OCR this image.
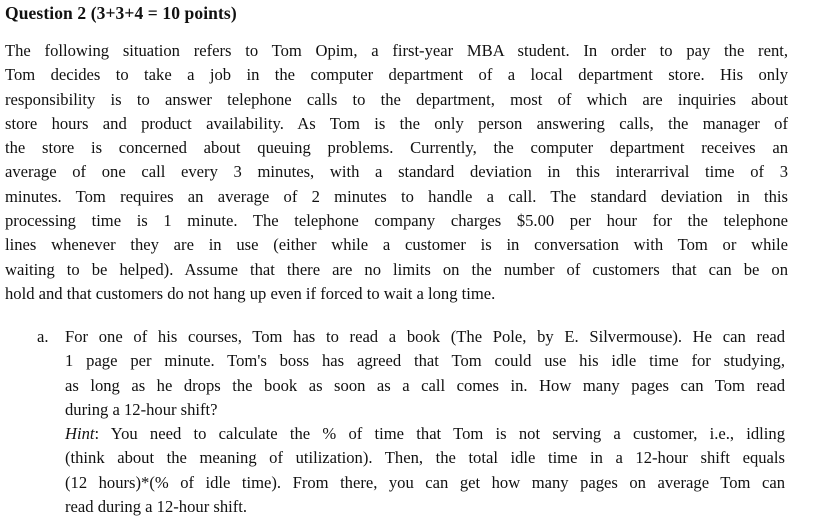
Question 2 (3+3+4 = 10 points)
The following situation refers to Tom Opim, a first-year MBA student. In order to pay the rent,
Tom decides to take a job in the computer department of a local department store. His only
responsibility is to answer telephone calls to the department, most of which are inquiries about
store hours and product availability. As Tom is the only person answering calls, the manager of
the store is concerned about queuing problems. Currently, the computer department receives an
average of one call every 3 minutes, with a standard deviation in this interarrival time of 3
minutes. Tom requires an average of 2 minutes to handle a call. The standard deviation in this
processing time is 1 minute. The telephone company charges $5.00 per hour for the telephone
lines whenever they are in use (either while a customer is in conversation with Tom or while
waiting to be helped). Assume that there are no limits on the number of customers that can be on
hold and that customers do not hang up even if forced to wait a long time.
a. For one of his courses, Tom has to read a book (The Pole, by E. Silvermouse). He can read
1 page per minute. Tom's boss has agreed that Tom could use his idle time for studying,
as long as he drops the book as soon as a call comes in. How many pages can Tom read
during a 12-hour shift?
Hint: You need to calculate the % of time that Tom is not serving a customer, i.e., idling
(think about the meaning of utilization). Then, the total idle time in a 12-hour shift equals
(12 hours)*(% of idle time). From there, you can get how many pages on average Tom can
read during a 12-hour shift.
